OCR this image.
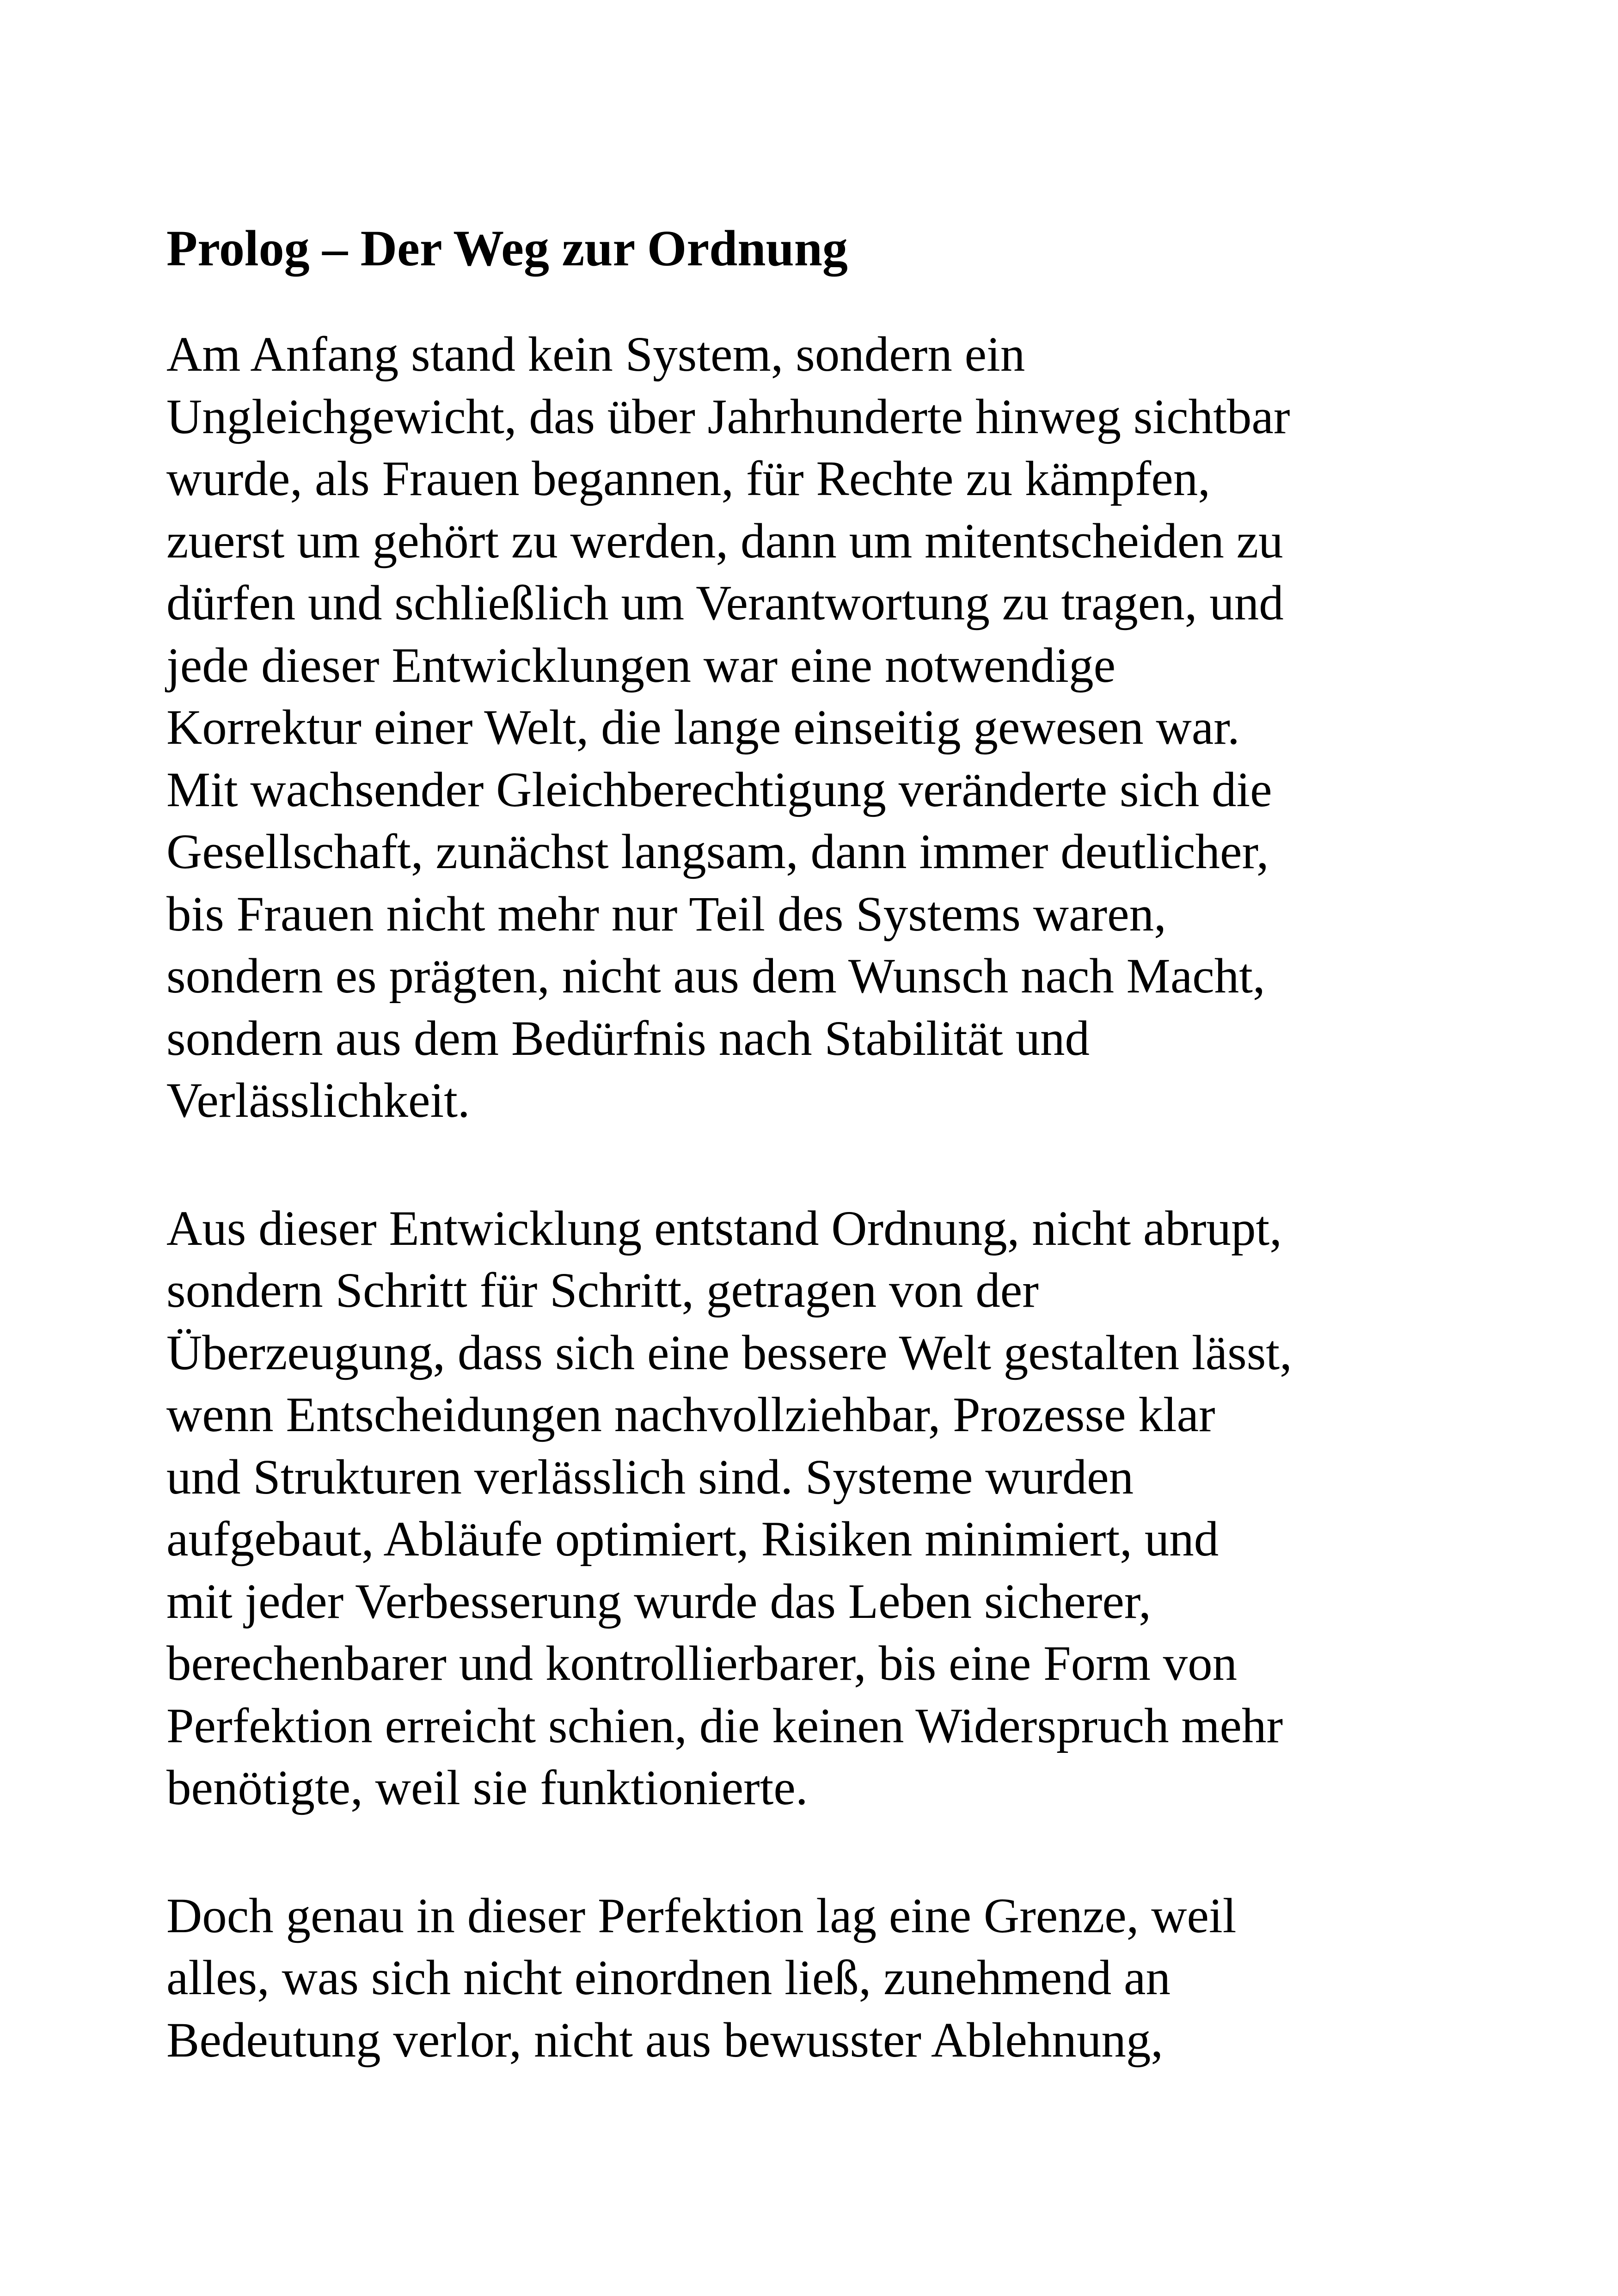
Prolog – Der Weg zur Ordnung

Am Anfang stand kein System, sondern ein
Ungleichgewicht, das über Jahrhunderte hinweg sichtbar
wurde, als Frauen begannen, für Rechte zu kämpfen,
zuerst um gehört zu werden, dann um mitentscheiden zu
dürfen und schließlich um Verantwortung zu tragen, und
jede dieser Entwicklungen war eine notwendige
Korrektur einer Welt, die lange einseitig gewesen war.
Mit wachsender Gleichberechtigung veränderte sich die
Gesellschaft, zunächst langsam, dann immer deutlicher,
bis Frauen nicht mehr nur Teil des Systems waren,
sondern es prägten, nicht aus dem Wunsch nach Macht,
sondern aus dem Bedürfnis nach Stabilität und
Verlässlichkeit.

Aus dieser Entwicklung entstand Ordnung, nicht abrupt,
sondern Schritt für Schritt, getragen von der
Überzeugung, dass sich eine bessere Welt gestalten lässt,
wenn Entscheidungen nachvollziehbar, Prozesse klar
und Strukturen verlässlich sind. Systeme wurden
aufgebaut, Abläufe optimiert, Risiken minimiert, und
mit jeder Verbesserung wurde das Leben sicherer,
berechenbarer und kontrollierbarer, bis eine Form von
Perfektion erreicht schien, die keinen Widerspruch mehr
benötigte, weil sie funktionierte.

Doch genau in dieser Perfektion lag eine Grenze, weil
alles, was sich nicht einordnen ließ, zunehmend an
Bedeutung verlor, nicht aus bewusster Ablehnung,
